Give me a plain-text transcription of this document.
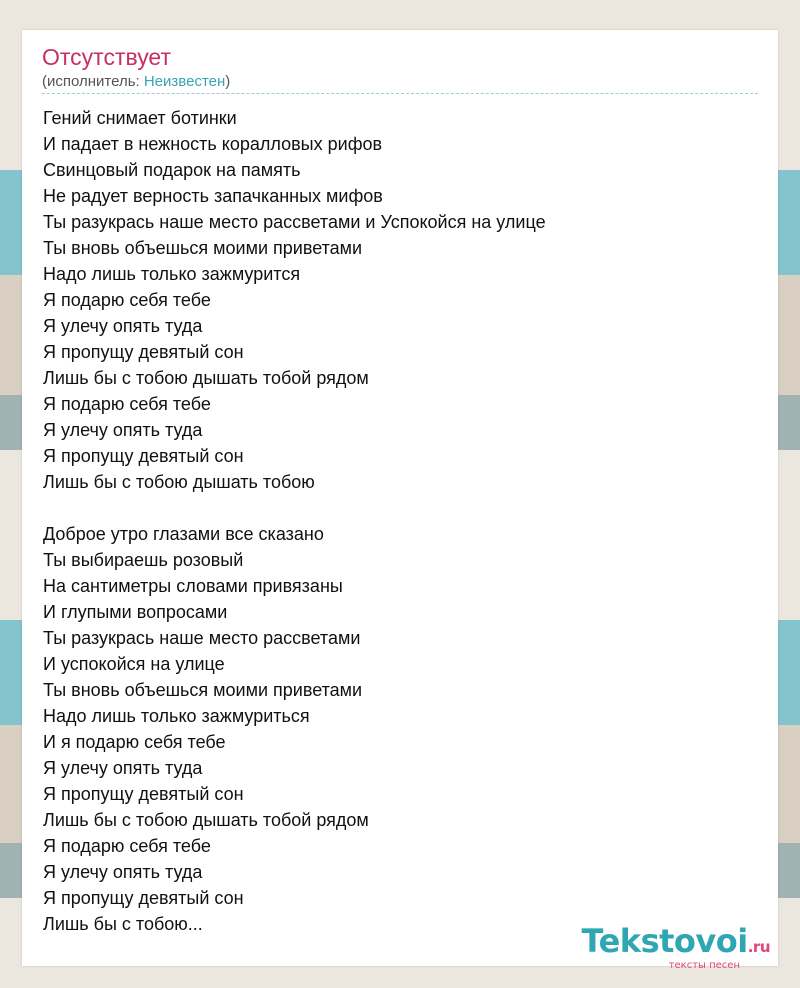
Отсутствует
(исполнитель: Неизвестен)
Гений снимает ботинки
И падает в нежность коралловых рифов
Свинцовый подарок на память
Не радует верность запачканных мифов
Ты разукрась наше место рассветами и Успокойся на улице
Ты вновь объешься моими приветами
Надо лишь только зажмурится
Я подарю себя тебе
Я улечу опять туда
Я пропущу девятый сон
Лишь бы с тобою дышать тобой рядом
Я подарю себя тебе
Я улечу опять туда
Я пропущу девятый сон
Лишь бы с тобою дышать тобою
Доброе утро глазами все сказано
Ты выбираешь розовый
На сантиметры словами привязаны
И глупыми вопросами
Ты разукрась наше место рассветами
И успокойся на улице
Ты вновь объешься моими приветами
Надо лишь только зажмуриться
И я подарю себя тебе
Я улечу опять туда
Я пропущу девятый сон
Лишь бы с тобою дышать тобой рядом
Я подарю себя тебе
Я улечу опять туда
Я пропущу девятый сон
Лишь бы с тобою...	Tekstovoi.ru
тексты песен
